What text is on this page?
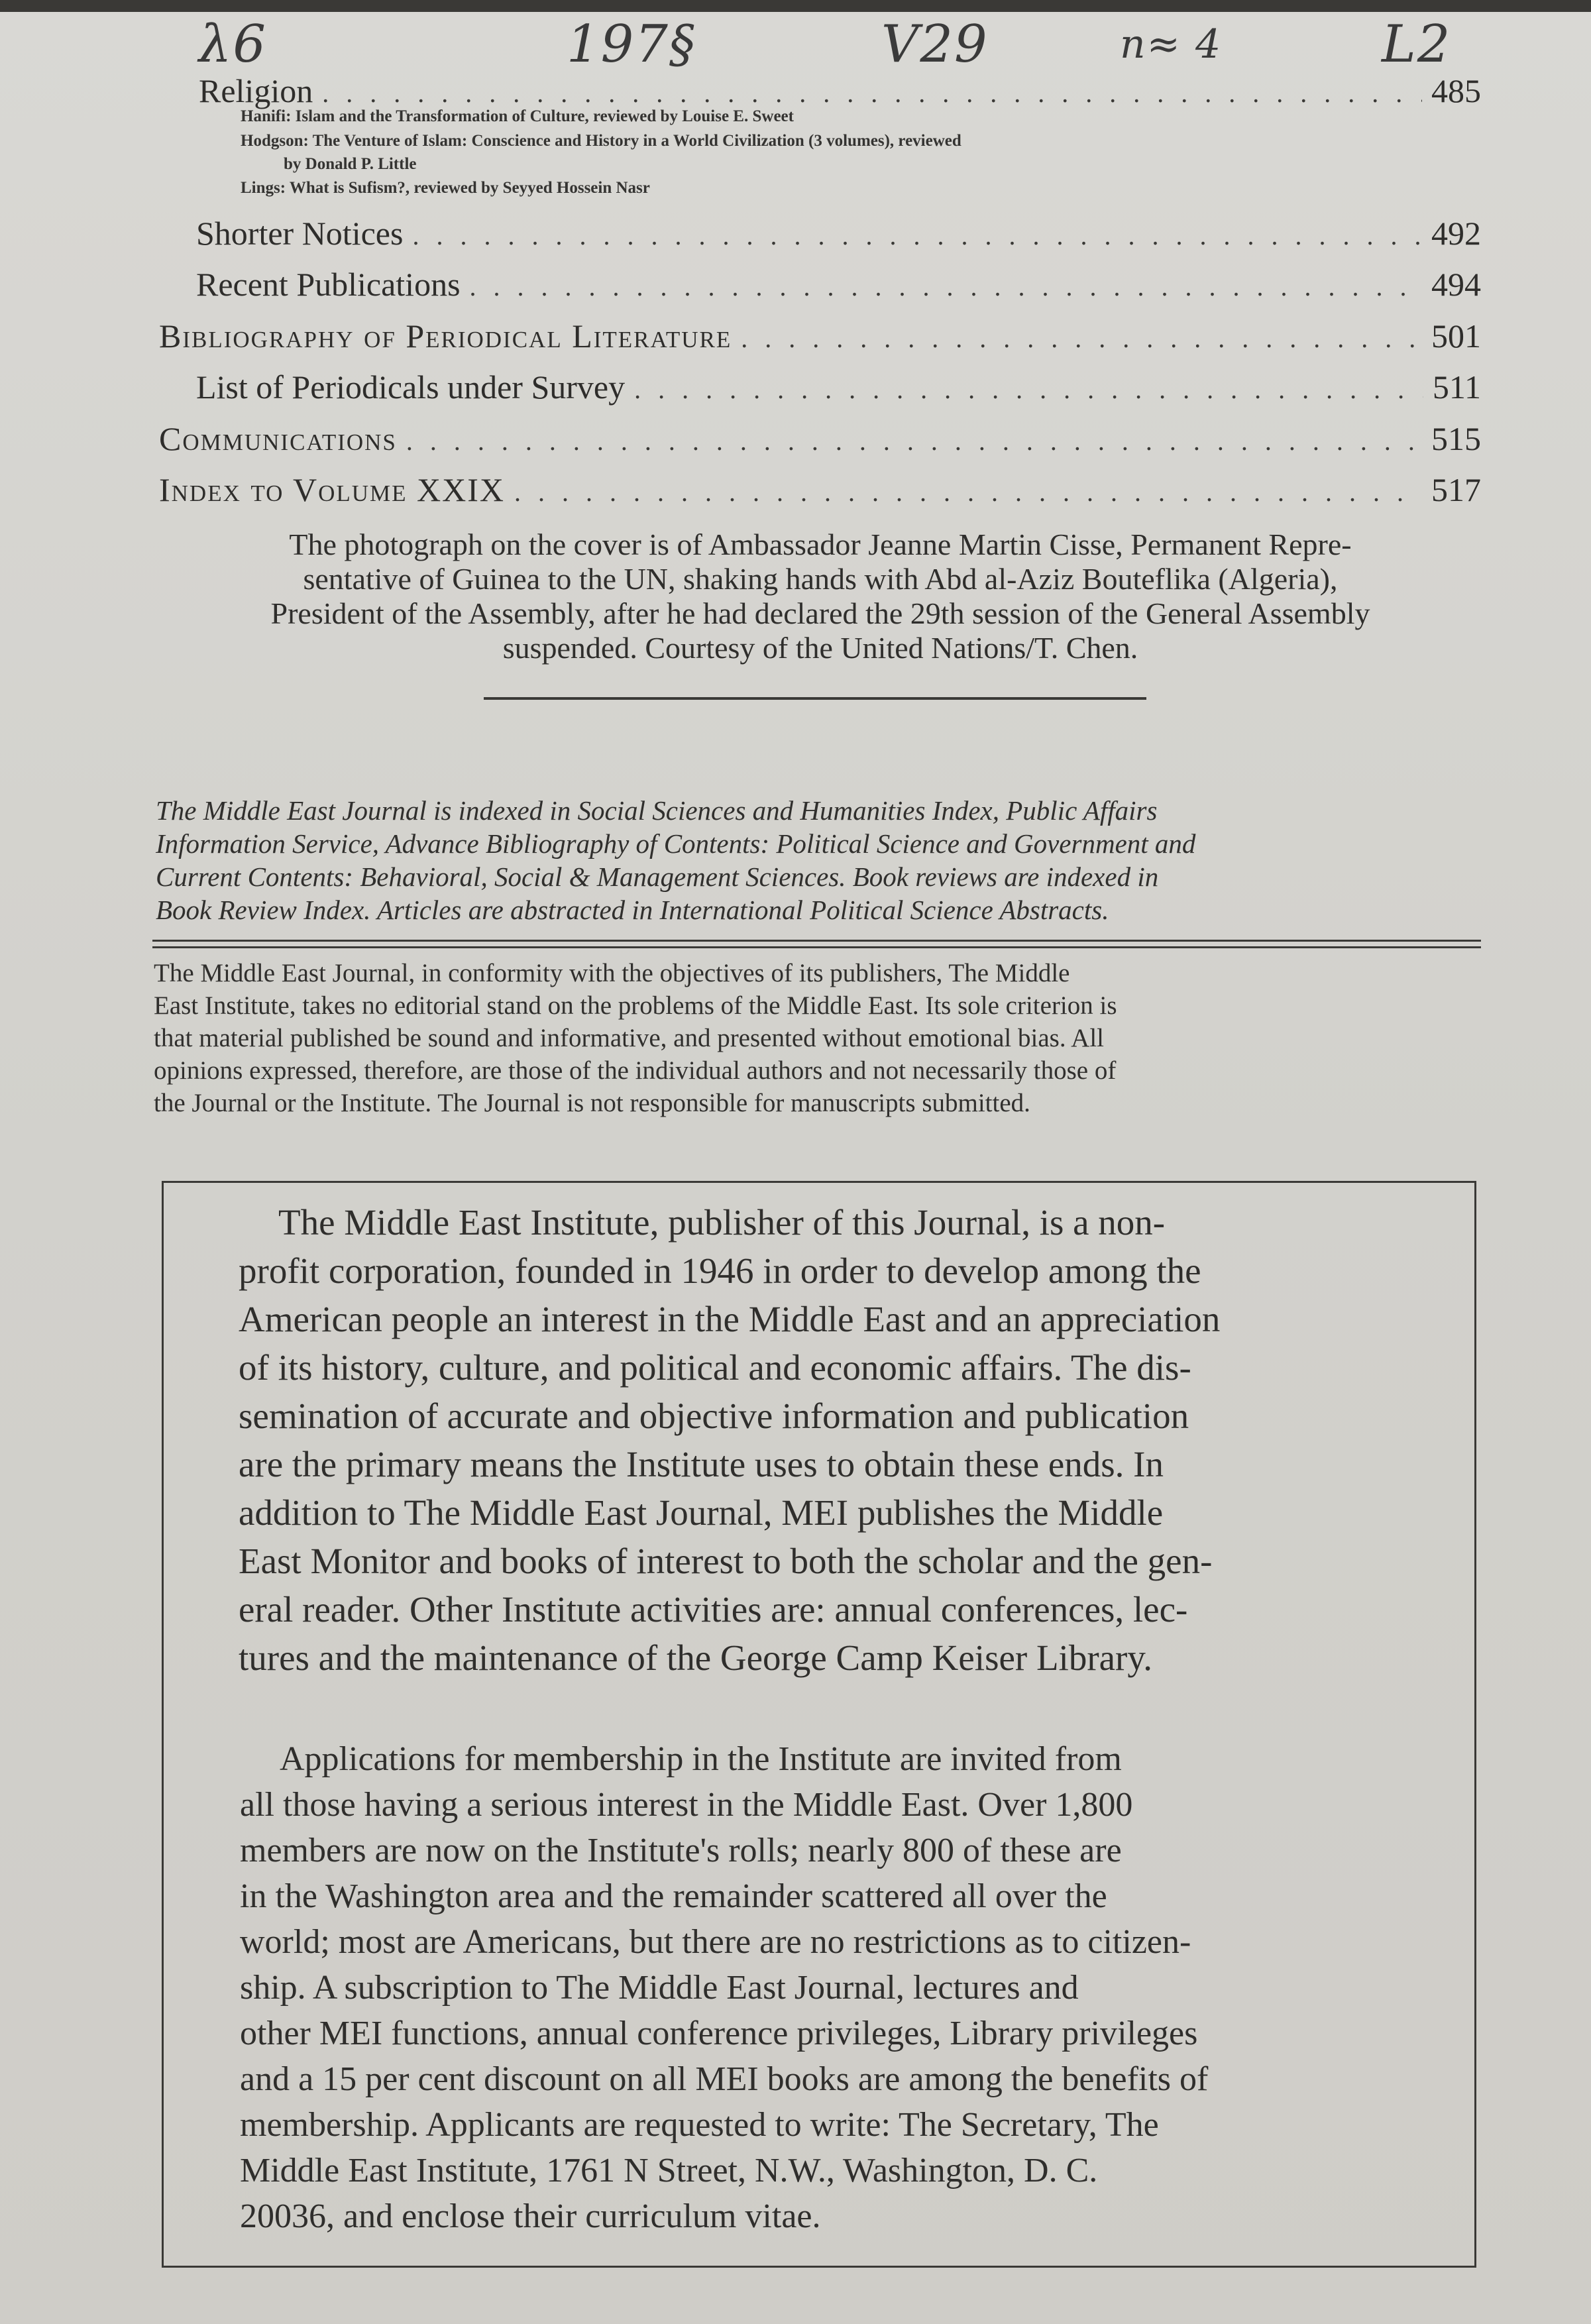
λ6	197§	V29	n≈ 4	L2
Religion . . .	485
Hanifi: Islam and the Transformation of Culture, reviewed by Louise E. Sweet
Hodgson: The Venture of Islam: Conscience and History in a World Civilization (3 volumes), reviewed
by Donald P. Little
Lings: What is Sufism?, reviewed by Seyyed Hossein Nasr
Shorter Notices . . .	492
Recent Publications . . .	494
Bibliography of Periodical Literature . . .	501
List of Periodicals under Survey . . .	511
Communications . . .	515
Index to Volume XXIX . . .	517
The photograph on the cover is of Ambassador Jeanne Martin Cisse, Permanent Repre-
sentative of Guinea to the UN, shaking hands with Abd al-Aziz Bouteflika (Algeria),
President of the Assembly, after he had declared the 29th session of the General Assembly
suspended. Courtesy of the United Nations/T. Chen.
The Middle East Journal is indexed in Social Sciences and Humanities Index, Public Affairs
Information Service, Advance Bibliography of Contents: Political Science and Government and
Current Contents: Behavioral, Social & Management Sciences. Book reviews are indexed in
Book Review Index. Articles are abstracted in International Political Science Abstracts.
The Middle East Journal, in conformity with the objectives of its publishers, The Middle
East Institute, takes no editorial stand on the problems of the Middle East. Its sole criterion is
that material published be sound and informative, and presented without emotional bias. All
opinions expressed, therefore, are those of the individual authors and not necessarily those of
the Journal or the Institute. The Journal is not responsible for manuscripts submitted.
The Middle East Institute, publisher of this Journal, is a non-
profit corporation, founded in 1946 in order to develop among the
American people an interest in the Middle East and an appreciation
of its history, culture, and political and economic affairs. The dis-
semination of accurate and objective information and publication
are the primary means the Institute uses to obtain these ends. In
addition to The Middle East Journal, MEI publishes the Middle
East Monitor and books of interest to both the scholar and the gen-
eral reader. Other Institute activities are: annual conferences, lec-
tures and the maintenance of the George Camp Keiser Library.
Applications for membership in the Institute are invited from
all those having a serious interest in the Middle East. Over 1,800
members are now on the Institute's rolls; nearly 800 of these are
in the Washington area and the remainder scattered all over the
world; most are Americans, but there are no restrictions as to citizen-
ship. A subscription to The Middle East Journal, lectures and
other MEI functions, annual conference privileges, Library privileges
and a 15 per cent discount on all MEI books are among the benefits of
membership. Applicants are requested to write: The Secretary, The
Middle East Institute, 1761 N Street, N.W., Washington, D. C.
20036, and enclose their curriculum vitae.
